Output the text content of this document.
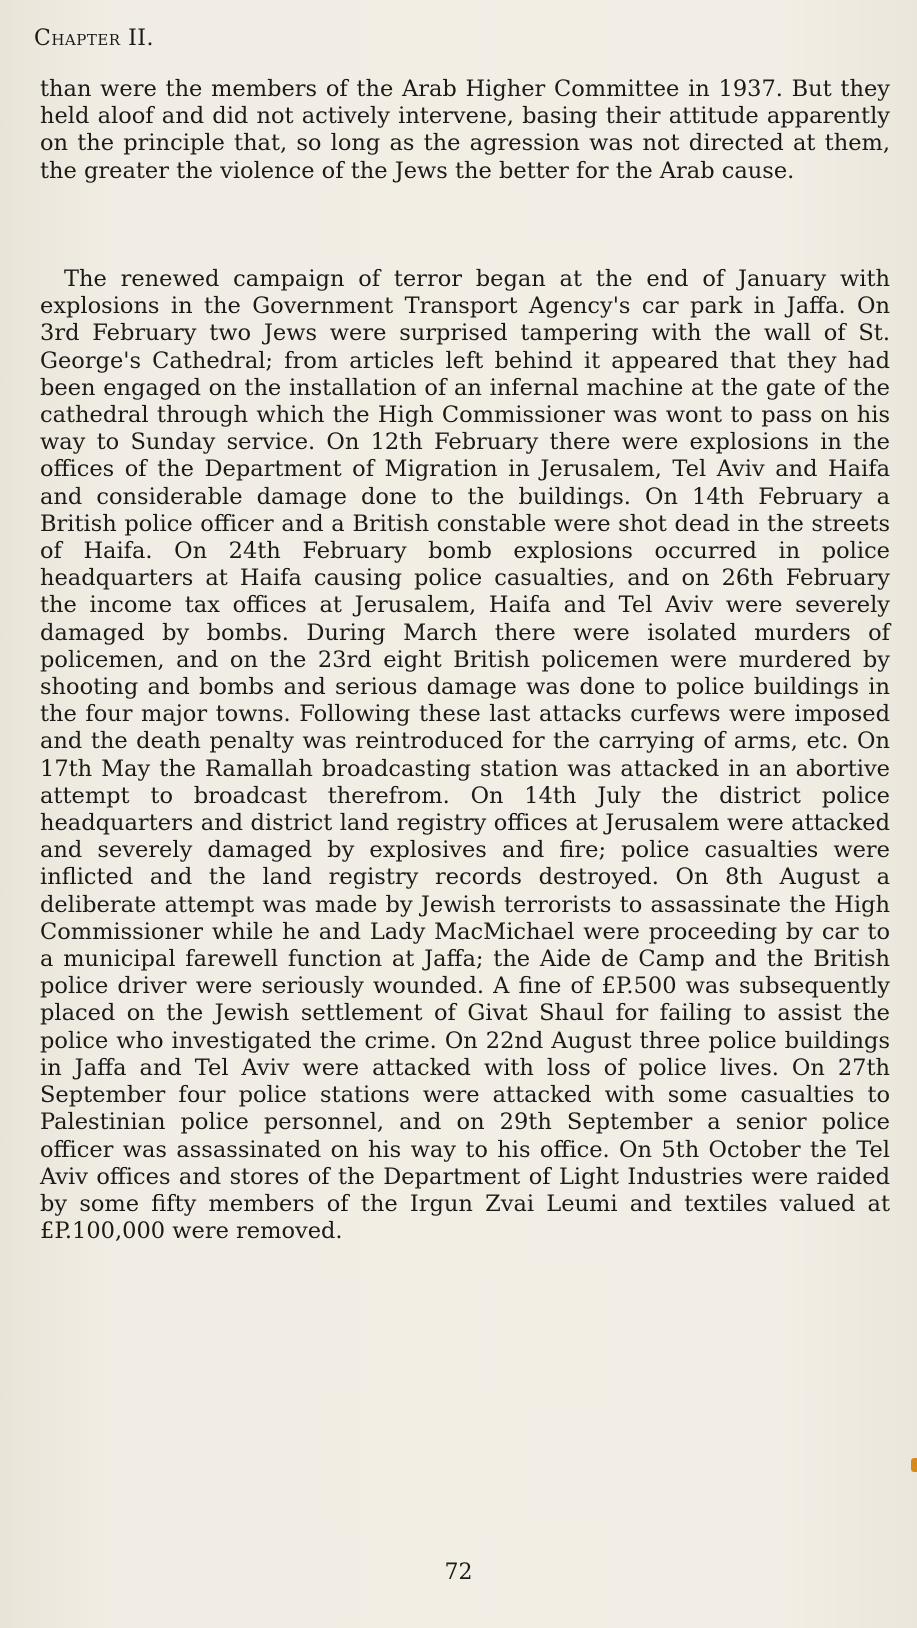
Chapter II.

than were the members of the Arab Higher Committee in 1937. But they held aloof and did not actively intervene, basing their attitude apparently on the principle that, so long as the agression was not directed at them, the greater the violence of the Jews the better for the Arab cause.

The renewed campaign of terror began at the end of January with explosions in the Government Transport Agency's car park in Jaffa. On 3rd February two Jews were surprised tampering with the wall of St. George's Cathedral; from articles left behind it appeared that they had been engaged on the installation of an infernal machine at the gate of the cathedral through which the High Commissioner was wont to pass on his way to Sunday service. On 12th February there were explosions in the offices of the Department of Migration in Jerusalem, Tel Aviv and Haifa and considerable damage done to the buildings. On 14th February a British police officer and a British constable were shot dead in the streets of Haifa. On 24th February bomb explosions occurred in police headquarters at Haifa causing police casualties, and on 26th February the income tax offices at Jerusalem, Haifa and Tel Aviv were severely damaged by bombs. During March there were isolated murders of policemen, and on the 23rd eight British policemen were murdered by shooting and bombs and serious damage was done to police buildings in the four major towns. Following these last attacks curfews were imposed and the death penalty was reintroduced for the carrying of arms, etc. On 17th May the Ramallah broadcasting station was attacked in an abortive attempt to broadcast therefrom. On 14th July the district police headquarters and district land registry offices at Jerusalem were attacked and severely damaged by explosives and fire; police casualties were inflicted and the land registry records destroyed. On 8th August a deliberate attempt was made by Jewish terrorists to assassinate the High Commissioner while he and Lady MacMichael were proceeding by car to a municipal farewell function at Jaffa; the Aide de Camp and the British police driver were seriously wounded. A fine of £P.500 was subsequently placed on the Jewish settlement of Givat Shaul for failing to assist the police who investigated the crime. On 22nd August three police buildings in Jaffa and Tel Aviv were attacked with loss of police lives. On 27th September four police stations were attacked with some casualties to Palestinian police personnel, and on 29th September a senior police officer was assassinated on his way to his office. On 5th October the Tel Aviv offices and stores of the Department of Light Industries were raided by some fifty members of the Irgun Zvai Leumi and textiles valued at £P.100,000 were removed.

72
